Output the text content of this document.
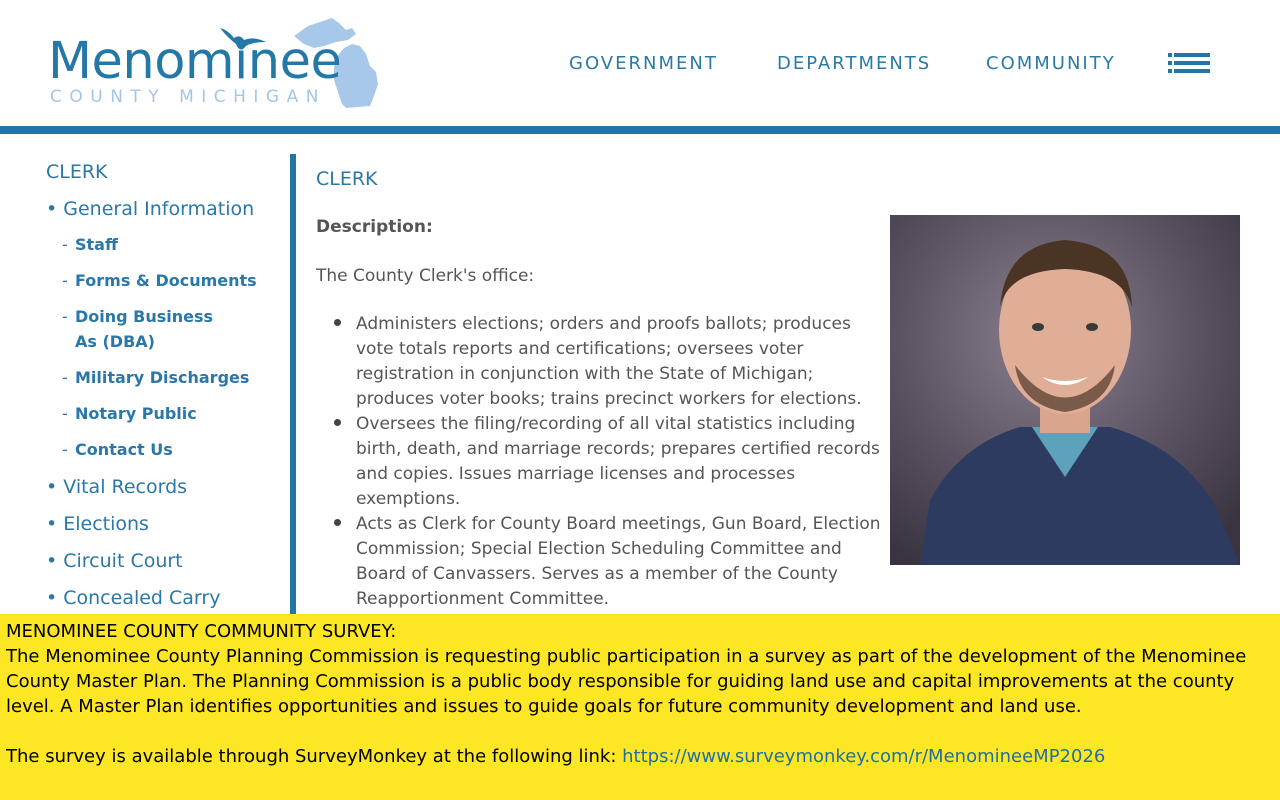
Menominee
COUNTY MICHIGAN
GOVERNMENT	DEPARTMENTS	COMMUNITY
CLERK
• General Information
- Staff
- Forms & Documents
- Doing Business As (DBA)
- Military Discharges
- Notary Public
- Contact Us
• Vital Records
• Elections
• Circuit Court
• Concealed Carry
CLERK
Description:
The County Clerk's office:
Administers elections; orders and proofs ballots; produces vote totals reports and certifications; oversees voter registration in conjunction with the State of Michigan; produces voter books; trains precinct workers for elections.
Oversees the filing/recording of all vital statistics including birth, death, and marriage records; prepares certified records and copies. Issues marriage licenses and processes exemptions.
Acts as Clerk for County Board meetings, Gun Board, Election Commission; Special Election Scheduling Committee and Board of Canvassers. Serves as a member of the County Reapportionment Committee.

MENOMINEE COUNTY COMMUNITY SURVEY:

The Menominee County Planning Commission is requesting public participation in a survey as part of the development of the Menominee County Master Plan. The Planning Commission is a public body responsible for guiding land use and capital improvements at the county level. A Master Plan identifies opportunities and issues to guide goals for future community development and land use.

The survey is available through SurveyMonkey at the following link: https://www.surveymonkey.com/r/MenomineeMP2026
